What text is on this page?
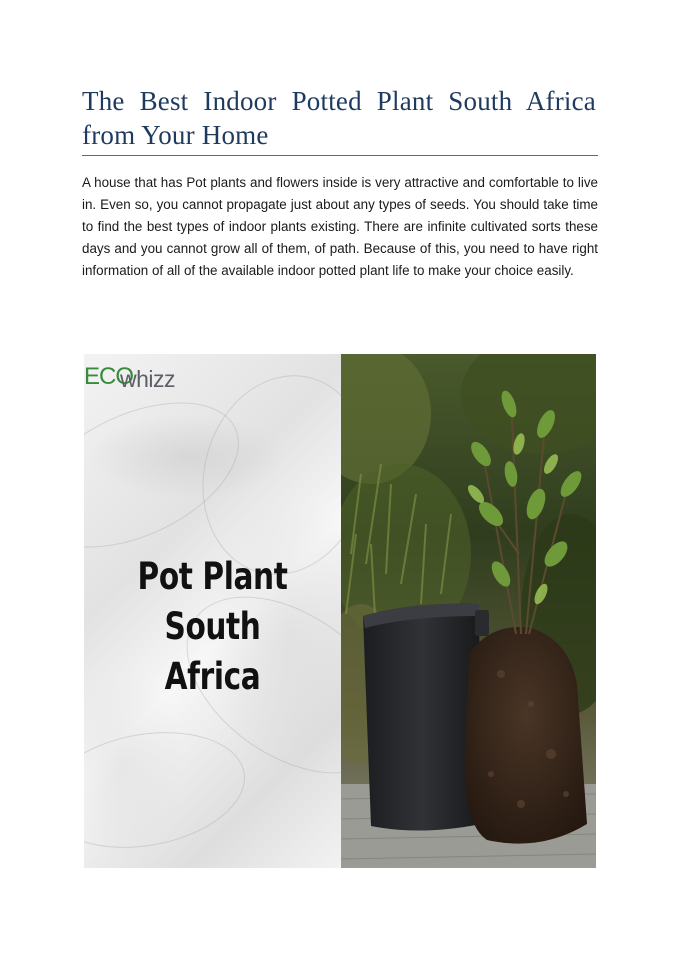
The Best Indoor Potted Plant South Africa from Your Home

A house that has Pot plants and flowers inside is very attractive and comfortable to live in. Even so, you cannot propagate just about any types of seeds. You should take time to find the best types of indoor plants existing. There are infinite cultivated sorts these days and you cannot grow all of them, of path. Because of this, you need to have right information of all of the available indoor potted plant life to make your choice easily.

ECO
whizz
Pot Plant South
Africa
